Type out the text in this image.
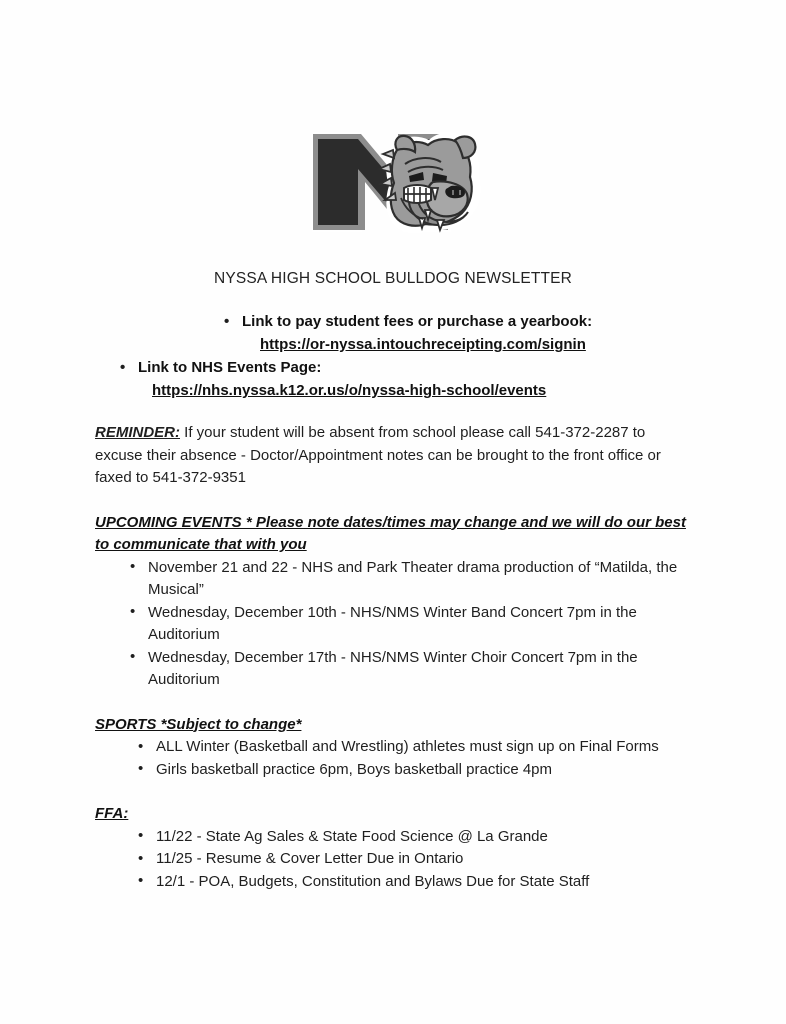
NYSSA HIGH SCHOOL BULLDOG NEWSLETTER
• Link to pay student fees or purchase a yearbook:
https://or-nyssa.intouchreceipting.com/signin
• Link to NHS Events Page:
https://nhs.nyssa.k12.or.us/o/nyssa-high-school/events

REMINDER: If your student will be absent from school please call 541-372-2287 to excuse their absence - Doctor/Appointment notes can be brought to the front office or faxed to 541-372-9351

UPCOMING EVENTS * Please note dates/times may change and we will do our best to communicate that with you

• November 21 and 22 - NHS and Park Theater drama production of “Matilda, the Musical”
• Wednesday, December 10th - NHS/NMS Winter Band Concert 7pm in the Auditorium
• Wednesday, December 17th - NHS/NMS Winter Choir Concert 7pm in the Auditorium

SPORTS *Subject to change*

• ALL Winter (Basketball and Wrestling) athletes must sign up on Final Forms
• Girls basketball practice 6pm, Boys basketball practice 4pm

FFA:

• 11/22 - State Ag Sales & State Food Science @ La Grande
• 11/25 - Resume & Cover Letter Due in Ontario
• 12/1 - POA, Budgets, Constitution and Bylaws Due for State Staff
